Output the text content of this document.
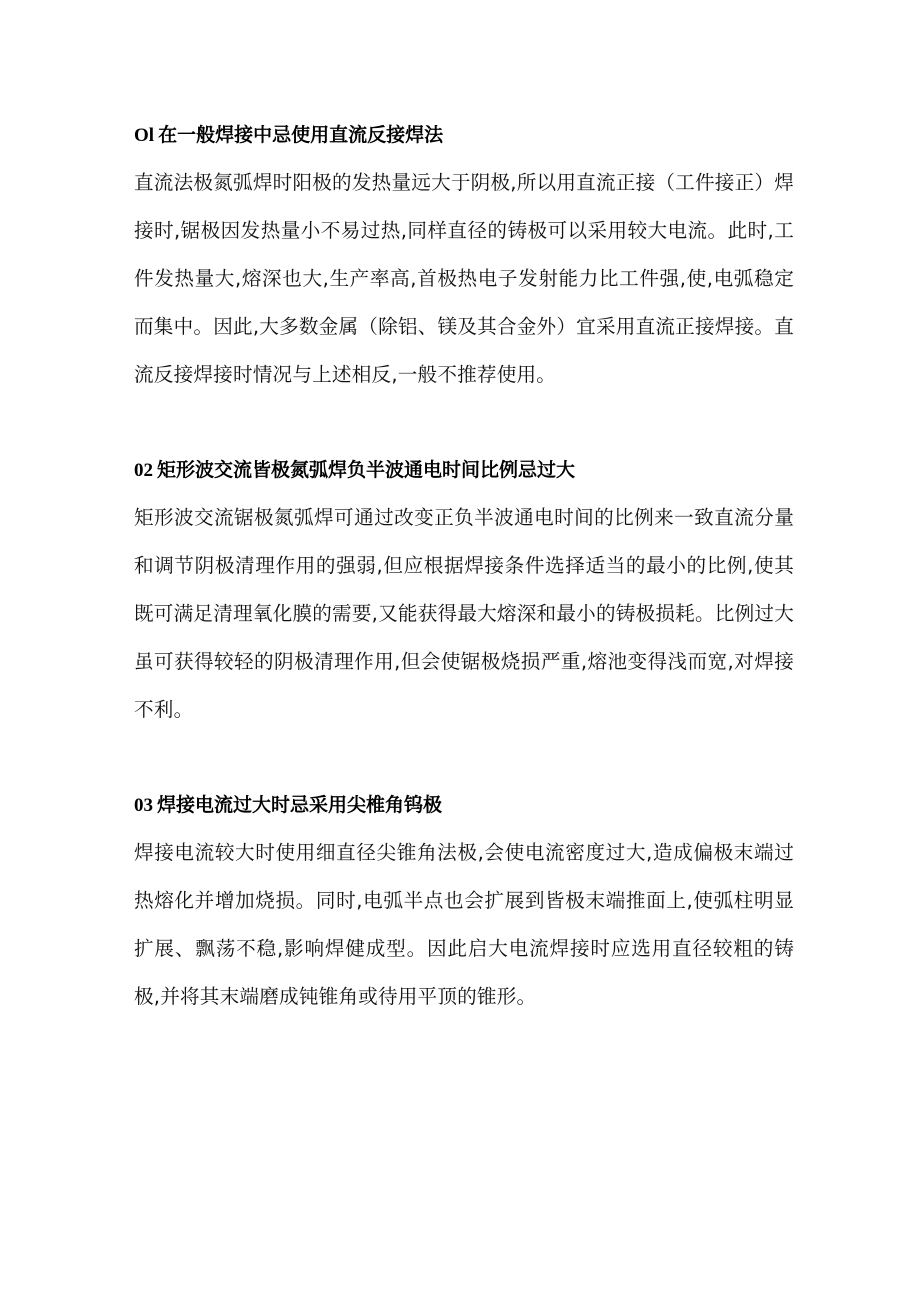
Ol 在一般焊接中忌使用直流反接焊法

直流法极氮弧焊时阳极的发热量远大于阴极,所以用直流正接（工件接正）焊接时,锯极因发热量小不易过热,同样直径的铸极可以采用较大电流。此时,工件发热量大,熔深也大,生产率高,首极热电子发射能力比工件强,使,电弧稳定而集中。因此,大多数金属（除铝、镁及其合金外）宜采用直流正接焊接。直流反接焊接时情况与上述相反,一般不推荐使用。

02 矩形波交流皆极氮弧焊负半波通电时间比例忌过大

矩形波交流锯极氮弧焊可通过改变正负半波通电时间的比例来一致直流分量和调节阴极清理作用的强弱,但应根据焊接条件选择适当的最小的比例,使其既可满足清理氧化膜的需要,又能获得最大熔深和最小的铸极损耗。比例过大虽可获得较轻的阴极清理作用,但会使锯极烧损严重,熔池变得浅而宽,对焊接不利。

03 焊接电流过大时忌采用尖椎角钨极

焊接电流较大时使用细直径尖锥角法极,会使电流密度过大,造成偏极末端过热熔化并增加烧损。同时,电弧半点也会扩展到皆极末端推面上,使弧柱明显扩展、飘荡不稳,影响焊健成型。因此启大电流焊接时应选用直径较粗的铸极,并将其末端磨成钝锥角或待用平顶的锥形。
